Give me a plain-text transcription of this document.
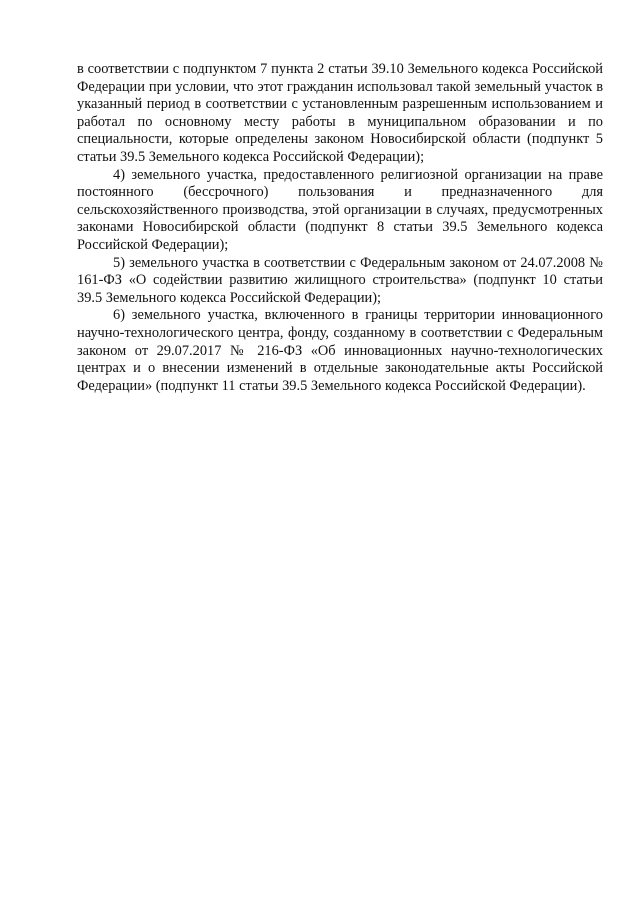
в соответствии с подпунктом 7 пункта 2 статьи 39.10 Земельного кодекса Российской Федерации при условии, что этот гражданин использовал такой земельный участок в указанный период в соответствии с установленным разрешенным использованием и работал по основному месту работы в муниципальном образовании и по специальности, которые определены законом Новосибирской области (подпункт 5 статьи 39.5 Земельного кодекса Российской Федерации);

4) земельного участка, предоставленного религиозной организации на праве постоянного (бессрочного) пользования и предназначенного для сельскохозяйственного производства, этой организации в случаях, предусмотренных законами Новосибирской области (подпункт 8 статьи 39.5 Земельного кодекса Российской Федерации);

5) земельного участка в соответствии с Федеральным законом от 24.07.2008 № 161-ФЗ «О содействии развитию жилищного строительства» (подпункт 10 статьи 39.5 Земельного кодекса Российской Федерации);

6) земельного участка, включенного в границы территории инновационного научно-технологического центра, фонду, созданному в соответствии с Федеральным законом от 29.07.2017 № 216-ФЗ «Об инновационных научно-технологических центрах и о внесении изменений в отдельные законодательные акты Российской Федерации» (подпункт 11 статьи 39.5 Земельного кодекса Российской Федерации).
